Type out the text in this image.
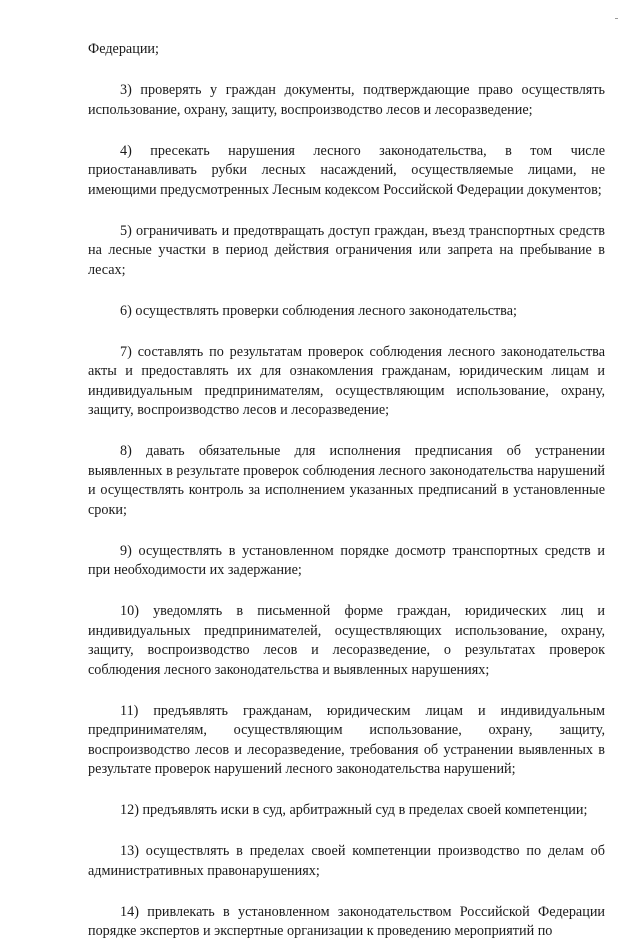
Федерации;

3) проверять у граждан документы, подтверждающие право осуществлять использование, охрану, защиту, воспроизводство лесов и лесоразведение;

4) пресекать нарушения лесного законодательства, в том числе приостанавливать рубки лесных насаждений, осуществляемые лицами, не имеющими предусмотренных Лесным кодексом Российской Федерации документов;

5) ограничивать и предотвращать доступ граждан, въезд транспортных средств на лесные участки в период действия ограничения или запрета на пребывание в лесах;

6) осуществлять проверки соблюдения лесного законодательства;

7) составлять по результатам проверок соблюдения лесного законодательства акты и предоставлять их для ознакомления гражданам, юридическим лицам и индивидуальным предпринимателям, осуществляющим использование, охрану, защиту, воспроизводство лесов и лесоразведение;

8) давать обязательные для исполнения предписания об устранении выявленных в результате проверок соблюдения лесного законодательства нарушений и осуществлять контроль за исполнением указанных предписаний в установленные сроки;

9) осуществлять в установленном порядке досмотр транспортных средств и при необходимости их задержание;

10) уведомлять в письменной форме граждан, юридических лиц и индивидуальных предпринимателей, осуществляющих использование, охрану, защиту, воспроизводство лесов и лесоразведение, о результатах проверок соблюдения лесного законодательства и выявленных нарушениях;

11) предъявлять гражданам, юридическим лицам и индивидуальным предпринимателям, осуществляющим использование, охрану, защиту, воспроизводство лесов и лесоразведение, требования об устранении выявленных в результате проверок нарушений лесного законодательства нарушений;

12) предъявлять иски в суд, арбитражный суд в пределах своей компетенции;

13) осуществлять в пределах своей компетенции производство по делам об административных правонарушениях;

14) привлекать в установленном законодательством Российской Федерации порядке экспертов и экспертные организации к проведению мероприятий по
